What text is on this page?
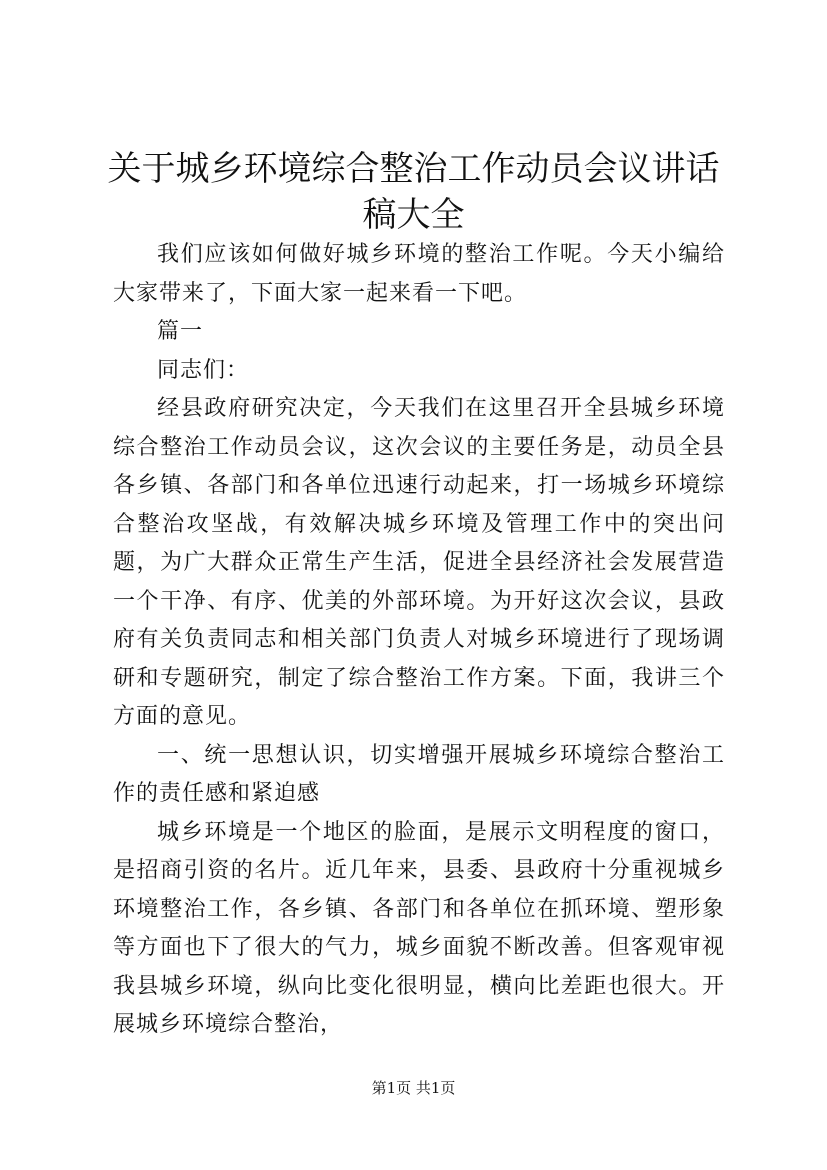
关于城乡环境综合整治工作动员会议讲话稿大全

我们应该如何做好城乡环境的整治工作呢。今天小编给大家带来了，下面大家一起来看一下吧。

篇一

同志们：

经县政府研究决定，今天我们在这里召开全县城乡环境综合整治工作动员会议，这次会议的主要任务是，动员全县各乡镇、各部门和各单位迅速行动起来，打一场城乡环境综合整治攻坚战，有效解决城乡环境及管理工作中的突出问题，为广大群众正常生产生活，促进全县经济社会发展营造一个干净、有序、优美的外部环境。为开好这次会议，县政府有关负责同志和相关部门负责人对城乡环境进行了现场调研和专题研究，制定了综合整治工作方案。下面，我讲三个方面的意见。

一、统一思想认识，切实增强开展城乡环境综合整治工作的责任感和紧迫感

城乡环境是一个地区的脸面，是展示文明程度的窗口，是招商引资的名片。近几年来，县委、县政府十分重视城乡环境整治工作，各乡镇、各部门和各单位在抓环境、塑形象等方面也下了很大的气力，城乡面貌不断改善。但客观审视我县城乡环境，纵向比变化很明显，横向比差距也很大。开展城乡环境综合整治，

第1页 共1页
